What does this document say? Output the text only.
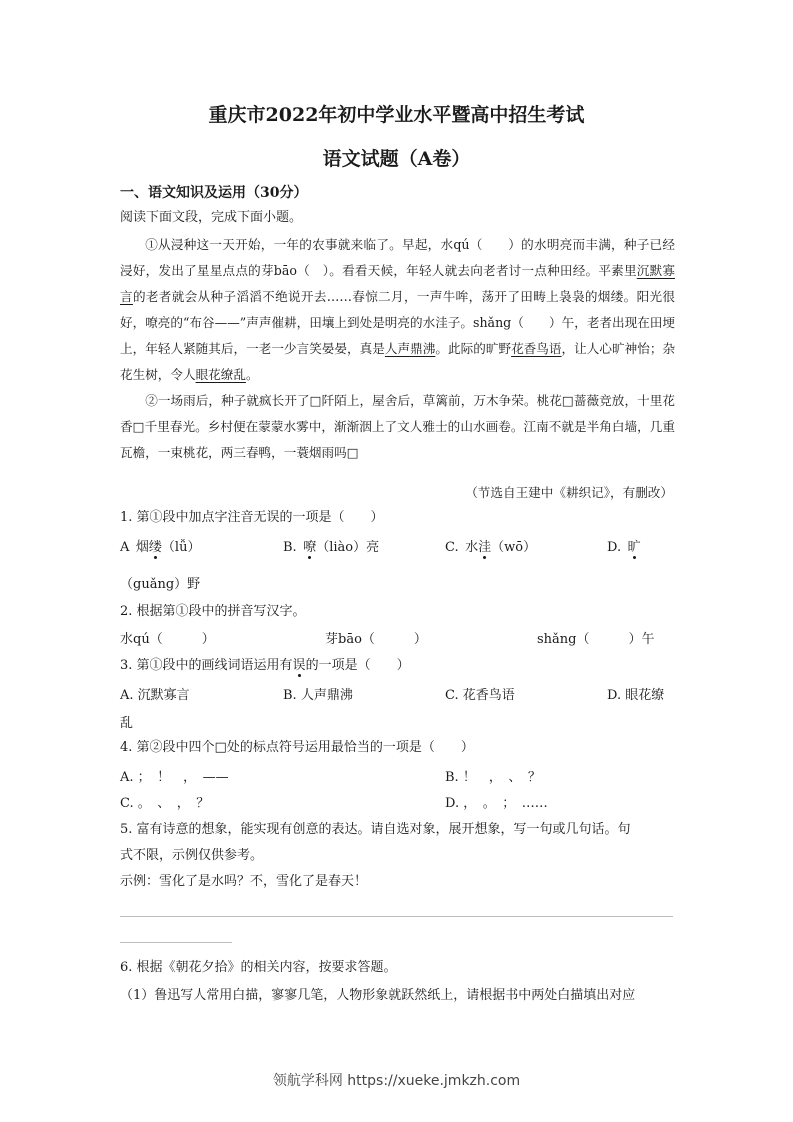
重庆市2022年初中学业水平暨高中招生考试
语文试题（A卷）
一、语文知识及运用（30分）
阅读下面文段，完成下面小题。

①从浸种这一天开始，一年的农事就来临了。早起，水qú（　　）的水明亮而丰满，种子已经浸好，发出了星星点点的芽bāo（　）。看看天候，年轻人就去向老者讨一点种田经。平素里沉默寡言的老者就会从种子滔滔不绝说开去……春惊二月，一声牛哞，荡开了田畴上袅袅的烟缕。阳光很好，嘹亮的“布谷——”声声催耕，田壤上到处是明亮的水洼子。shǎng（　　）午，老者出现在田埂上，年轻人紧随其后，一老一少言笑晏晏，真是人声鼎沸。此际的旷野花香鸟语，让人心旷神怡；杂花生树，令人眼花缭乱。

②一场雨后，种子就疯长开了□阡陌上，屋舍后，草篱前，万木争荣。桃花□蔷薇竞放，十里花香□千里春光。乡村便在蒙蒙水雾中，渐渐洇上了文人雅士的山水画卷。江南不就是半角白墙，几重瓦檐，一束桃花，两三春鸭，一蓑烟雨吗□

（节选自王建中《耕织记》，有删改）
1. 第①段中加点字注音无误的一项是（　　）
A  烟缕（lǚ）	B.  嘹（liào）亮	C.  水洼（wō）	D.  旷
（guǎng）野
2. 根据第①段中的拼音写汉字。
水qú（　　　）	芽bāo（　　　）	shǎng（　　　）午
3. 第①段中的画线词语运用有误的一项是（　　）
A. 沉默寡言	B. 人声鼎沸	C. 花香鸟语	D. 眼花缭
乱
4. 第②段中四个□处的标点符号运用最恰当的一项是（　　）
A. ；　！　，　——	B. ！　，　、　？
C. 。　、　，　？	D. ，　。　；　……
5. 富有诗意的想象，能实现有创意的表达。请自选对象，展开想象，写一句或几句话。句
式不限，示例仅供参考。
示例：雪化了是水吗？不，雪化了是春天！
6. 根据《朝花夕拾》的相关内容，按要求答题。
（1）鲁迅写人常用白描，寥寥几笔，人物形象就跃然纸上，请根据书中两处白描填出对应
领航学科网 https://xueke.jmkzh.com
